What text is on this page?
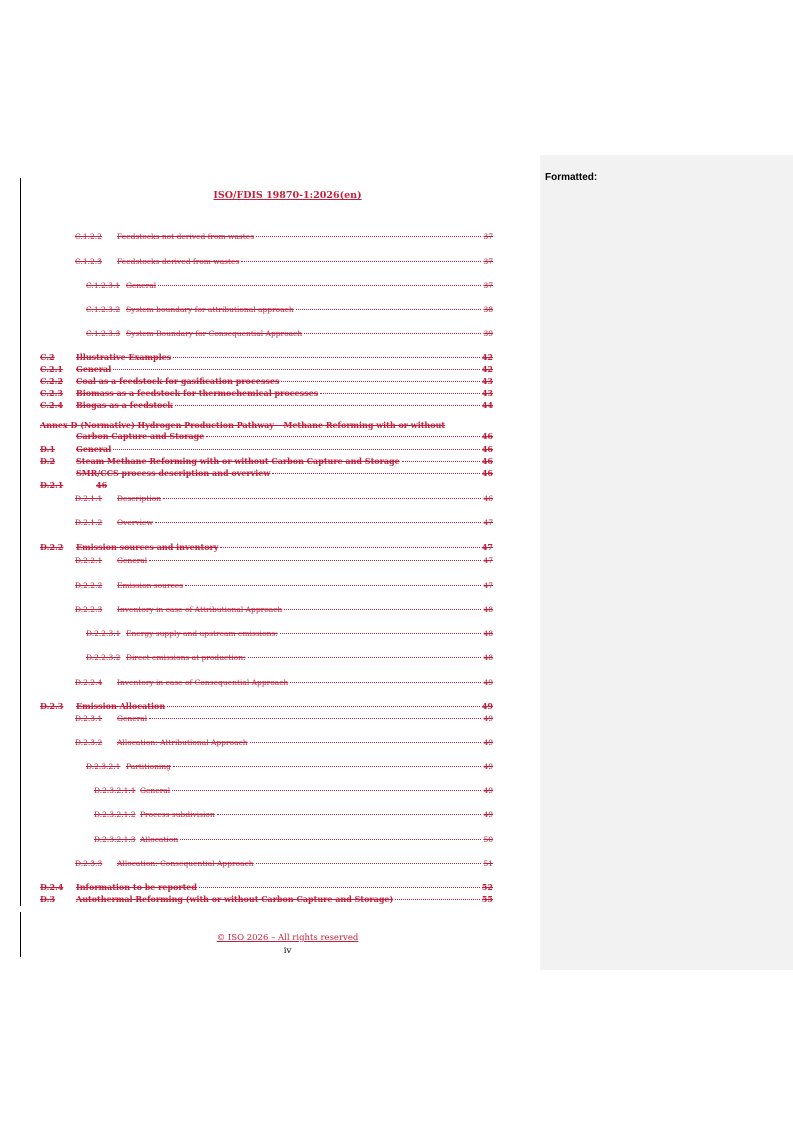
Formatted:
ISO/FDIS 19870-1:2026(en)
C.1.2.2	Feedstocks not derived from wastes	37
C.1.2.3	Feedstocks derived from wastes	37
C.1.2.3.1 General	37
C.1.2.3.2 System boundary for attributional approach	38
C.1.2.3.3 System Boundary for Consequential Approach	39
C.2	Illustrative Examples	42
C.2.1	General	42
C.2.2	Coal as a feedstock for gasification processes	43
C.2.3	Biomass as a feedstock for thermochemical processes	43
C.2.4	Biogas as a feedstock	44
Annex D (Normative) Hydrogen Production Pathway – Methane Reforming with or without
Carbon Capture and Storage	46
D.1	General	46
D.2	Steam Methane Reforming with or without Carbon Capture and Storage	46
SMR/CCS process description and overview	46
D.2.1	46
D.2.1.1	Description	46
D.2.1.2	Overview	47
D.2.2	Emission sources and inventory	47
D.2.2.1	General	47
D.2.2.2	Emission sources	47
D.2.2.3	Inventory in case of Attributional Approach	48
D.2.2.3.1 Energy supply and upstream emissions:	48
D.2.2.3.2 Direct emissions at production:	48
D.2.2.4	Inventory in case of Consequential Approach	49
D.2.3	Emission Allocation	49
D.2.3.1	General	49
D.2.3.2	Allocation: Attributional Approach	49
D.2.3.2.1 Partitioning	49
D.2.3.2.1.1 General	49
D.2.3.2.1.2 Process subdivision	49
D.2.3.2.1.3 Allocation	50
D.2.3.3	Allocation: Consequential Approach	51
D.2.4	Information to be reported	52
D.3	Autothermal Reforming (with or without Carbon Capture and Storage)	55
© ISO 2026 – All rights reserved
iv
